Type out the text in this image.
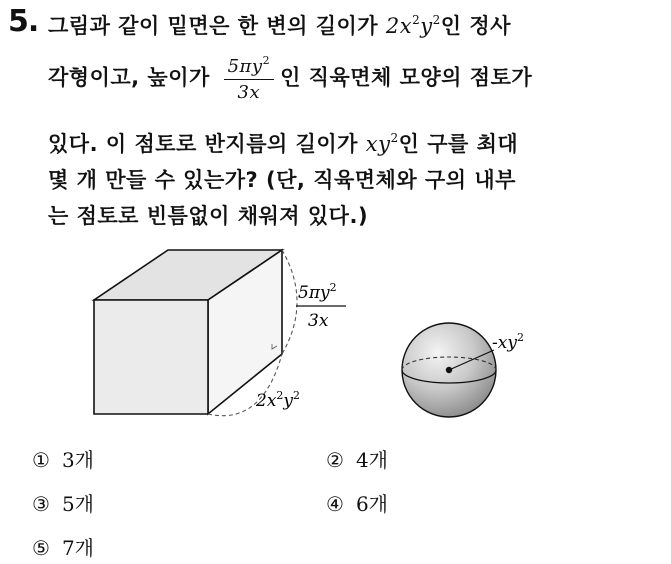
5. 그림과 같이 밑면은 한 변의 길이가 $2x^2y^2$인 정사
각형이고, 높이가 $\frac{5\pi y^2}{3x}$ 인 직육면체 모양의 점토가
있다. 이 점토로 반지름의 길이가 $xy^2$인 구를 최대
몇 개 만들 수 있는가? (단, 직육면체와 구의 내부
는 점토로 빈틈없이 채워져 있다.)
$5\pi y^2$
3x
$2x^2y^2$
$-xy^2$
① 3개	② 4개
③ 5개	④ 6개
⑤ 7개
